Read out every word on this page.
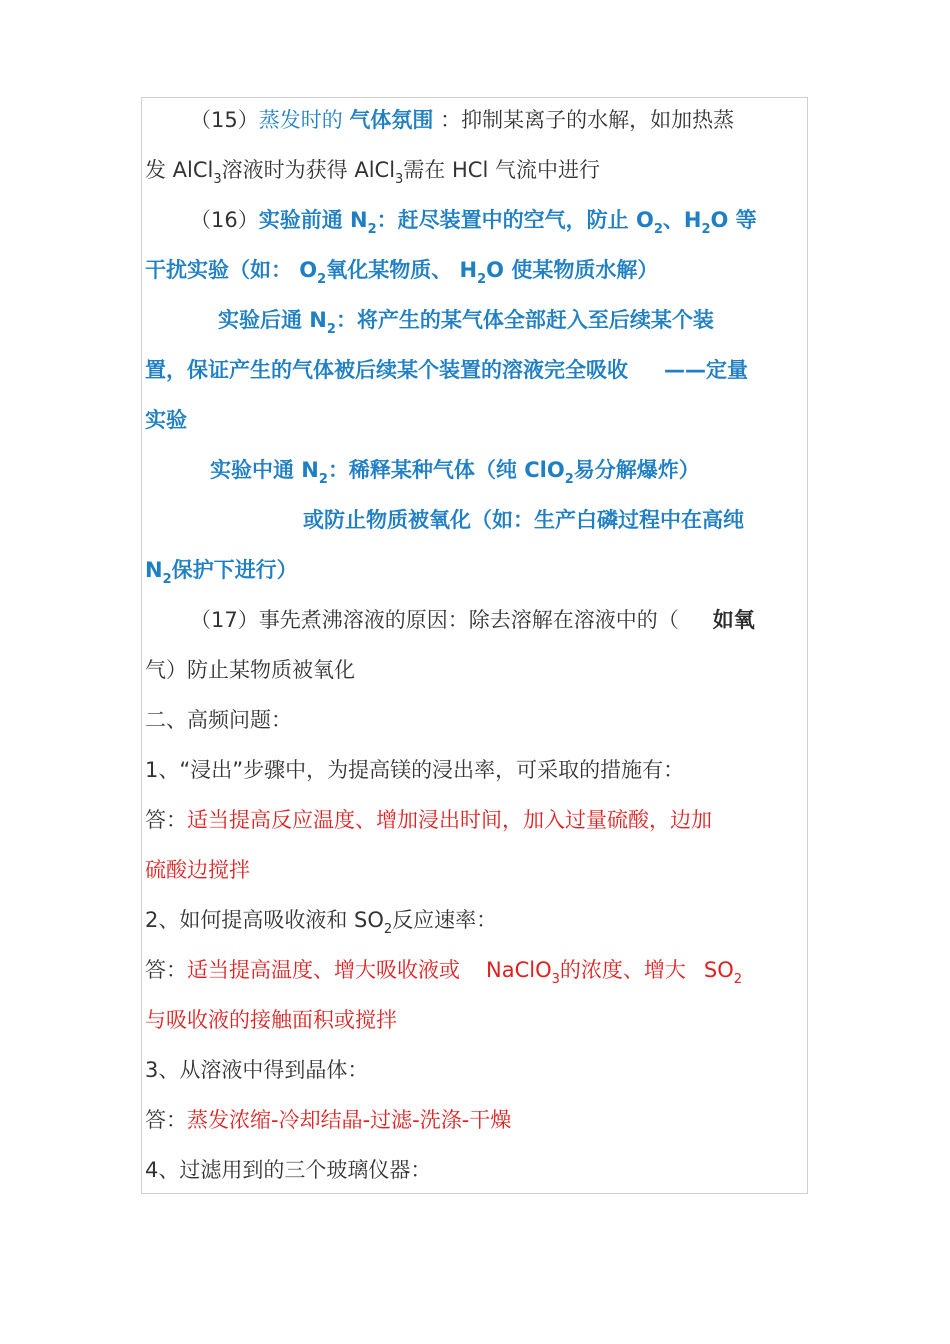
（15）蒸发时的 气体氛围 ：抑制某离子的水解，如加热蒸
发 AlCl$_3$溶液时为获得 AlCl$_3$需在 HCl 气流中进行
（16）实验前通 $N_2$：赶尽装置中的空气，防止 $O_2$、$H_2O$ 等
干扰实验（如： $O_2$氧化某物质、 $H_2O$ 使某物质水解）
实验后通 $N_2$：将产生的某气体全部赶入至后续某个装
置，保证产生的气体被后续某个装置的溶液完全吸收 ——定量
实验
实验中通 $N_2$：稀释某种气体（纯 ClO$_2$易分解爆炸）
或防止物质被氧化（如：生产白磷过程中在高纯
$N_2$保护下进行）
（17）事先煮沸溶液的原因：除去溶解在溶液中的（ 如氧
气）防止某物质被氧化
二、高频问题：
1、“浸出”步骤中，为提高镁的浸出率，可采取的措施有：
答：适当提高反应温度、增加浸出时间，加入过量硫酸，边加
硫酸边搅拌
2、如何提高吸收液和 $SO_2$反应速率：
答：适当提高温度、增大吸收液或 NaClO$_3$的浓度、增大 $SO_2$
与吸收液的接触面积或搅拌
3、从溶液中得到晶体：
答：蒸发浓缩-冷却结晶-过滤-洗涤-干燥
4、过滤用到的三个玻璃仪器：
